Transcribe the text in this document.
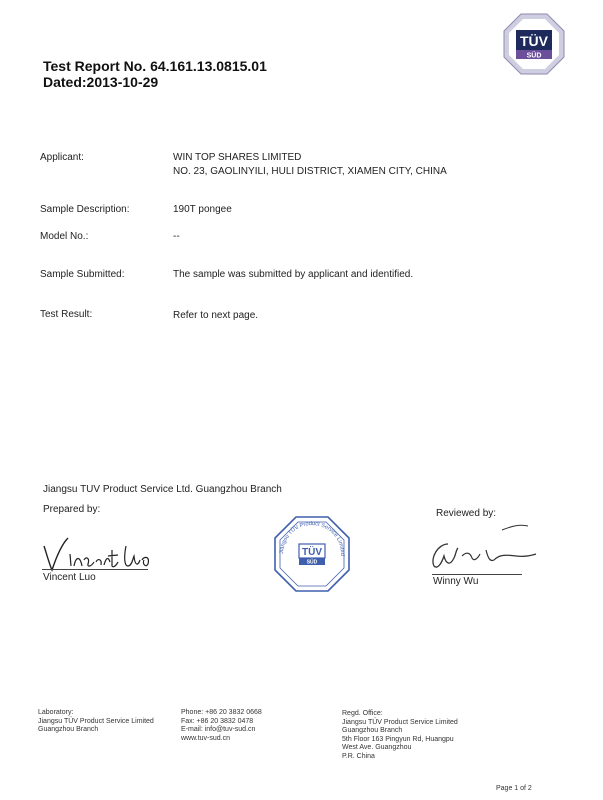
Test Report No. 64.161.13.0815.01
Dated:2013-10-29
TÜV
SÜD
Applicant:	WIN TOP SHARES LIMITED
NO. 23, GAOLINYILI, HULI DISTRICT, XIAMEN CITY, CHINA
Sample Description:	190T pongee
Model No.:	--
Sample Submitted:	The sample was submitted by applicant and identified.
Test Result:	Refer to next page.
Jiangsu TUV Product Service Ltd. Guangzhou Branch
Prepared by:	Reviewed by:
Vincent Luo
Jiangsu TÜV Product Service Limited
TÜV
SÜD
Winny Wu
Laboratory:
Jiangsu TÜV Product Service Limited
Guangzhou Branch
Phone: +86 20 3832 0668
Fax: +86 20 3832 0478
E-mail: info@tuv-sud.cn
www.tuv-sud.cn
Regd. Office:
Jiangsu TÜV Product Service Limited
Guangzhou Branch
5th Floor 163 Pingyun Rd, Huangpu
West Ave. Guangzhou
P.R. China
Page 1 of 2
